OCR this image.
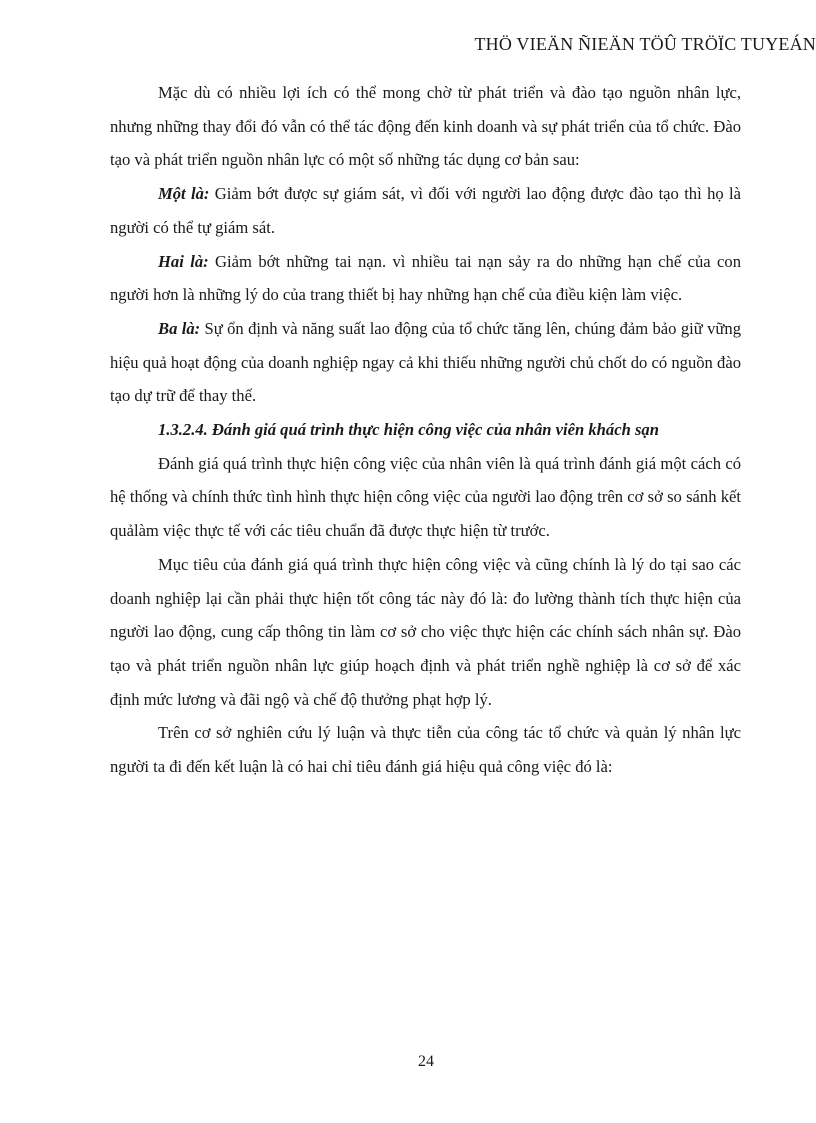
THÖ VIEÄN ÑIEÄN TÖÛ TRÖÏC TUYEÁN

Mặc dù có nhiều lợi ích có thể mong chờ từ phát triển và đào tạo nguồn nhân lực, nhưng những thay đổi đó vẫn có thể tác động đến kinh doanh và sự phát triển của tổ chức. Đào tạo và phát triển nguồn nhân lực có một số những tác dụng cơ bản sau:

Một là: Giảm bớt được sự giám sát, vì đối với người lao động được đào tạo thì họ là người có thể tự giám sát.

Hai là: Giảm bớt những tai nạn. vì nhiều tai nạn sảy ra do những hạn chế của con người hơn là những lý do của trang thiết bị hay những hạn chế của điều kiện làm việc.

Ba là: Sự ổn định và năng suất lao động của tổ chức tăng lên, chúng đảm bảo giữ vững hiệu quả hoạt động của doanh nghiệp ngay cả khi thiếu những người chủ chốt do có nguồn đào tạo dự trữ để thay thế.

1.3.2.4. Đánh giá quá trình thực hiện công việc của nhân viên khách sạn

Đánh giá quá trình thực hiện công việc của nhân viên là quá trình đánh giá một cách có hệ thống và chính thức tình hình thực hiện công việc của người lao động trên cơ sở so sánh kết quảlàm việc thực tế với các tiêu chuẩn đã được thực hiện từ trước.

Mục tiêu của đánh giá quá trình thực hiện công việc và cũng chính là lý do tại sao các doanh nghiệp lại cần phải thực hiện tốt công tác này đó là: đo lường thành tích thực hiện của người lao động, cung cấp thông tin làm cơ sở cho việc thực hiện các chính sách nhân sự. Đào tạo và phát triển nguồn nhân lực giúp hoạch định và phát triển nghề nghiệp là cơ sở để xác định mức lương và đãi ngộ và chế độ thưởng phạt hợp lý.

Trên cơ sở nghiên cứu lý luận và thực tiễn của công tác tổ chức và quản lý nhân lực người ta đi đến kết luận là có hai chỉ tiêu đánh giá hiệu quả công việc đó là:

24
